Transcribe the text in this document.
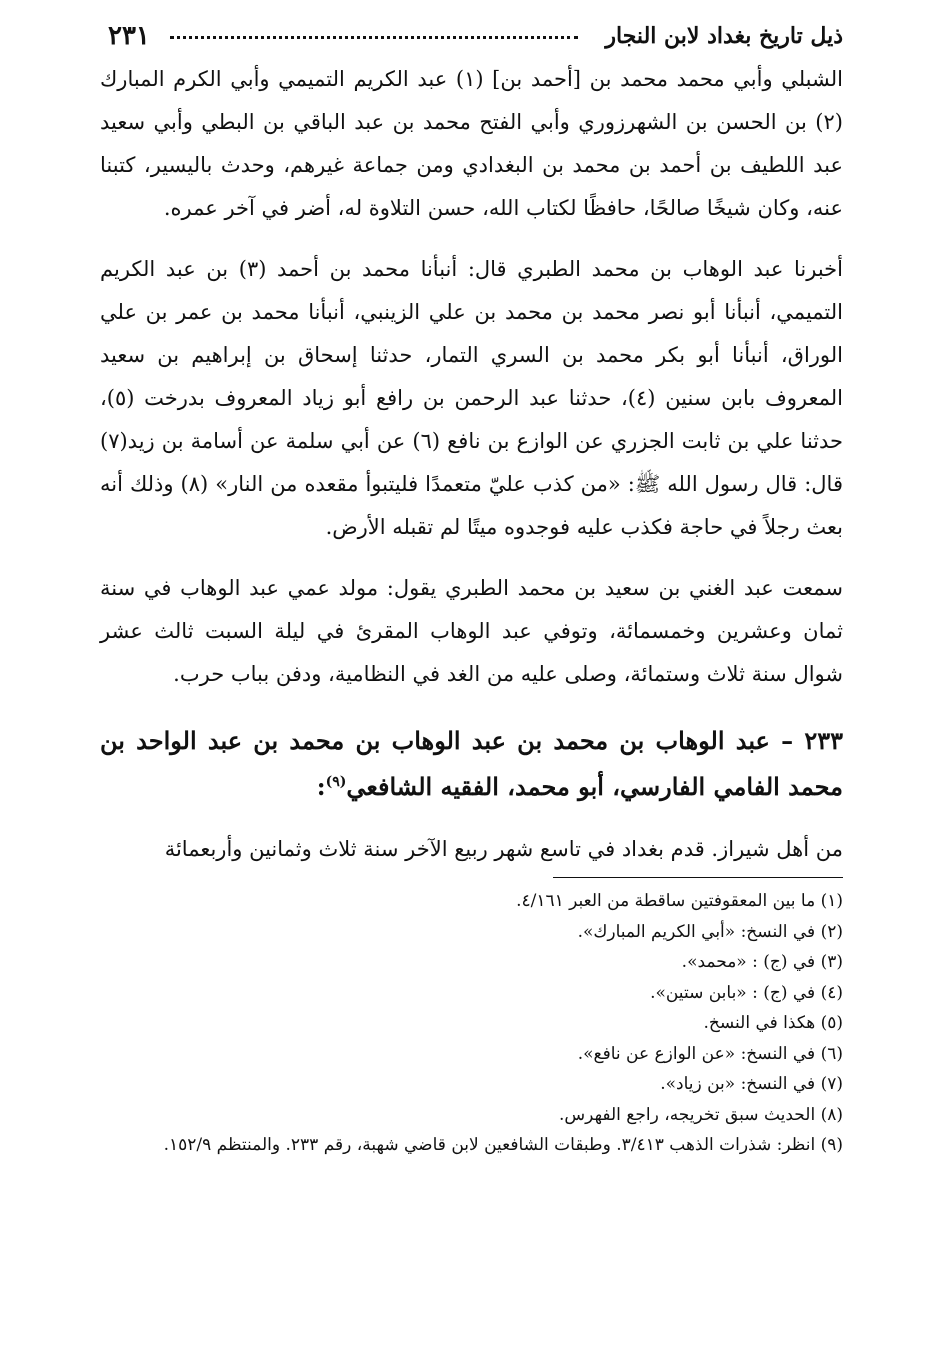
٢٣١	ذيل تاريخ بغداد لابن النجار

الشبلي وأبي محمد محمد بن [أحمد بن] (١) عبد الكريم التميمي وأبي الكرم المبارك (٢) بن الحسن بن الشهرزوري وأبي الفتح محمد بن عبد الباقي بن البطي وأبي سعيد عبد اللطيف بن أحمد بن محمد بن البغدادي ومن جماعة غيرهم، وحدث باليسير، كتبنا عنه، وكان شيخًا صالحًا، حافظًا لكتاب الله، حسن التلاوة له، أضر في آخر عمره.

أخبرنا عبد الوهاب بن محمد الطبري قال: أنبأنا محمد بن أحمد (٣) بن عبد الكريم التميمي، أنبأنا أبو نصر محمد بن محمد بن علي الزينبي، أنبأنا محمد بن عمر بن علي الوراق، أنبأنا أبو بكر محمد بن السري التمار، حدثنا إسحاق بن إبراهيم بن سعيد المعروف بابن سنين (٤)، حدثنا عبد الرحمن بن رافع أبو زياد المعروف بدرخت (٥)، حدثنا علي بن ثابت الجزري عن الوازع بن نافع (٦) عن أبي سلمة عن أسامة بن زيد(٧) قال: قال رسول الله ﷺ: «من كذب عليّ متعمدًا فليتبوأ مقعده من النار» (٨) وذلك أنه بعث رجلاً في حاجة فكذب عليه فوجدوه ميتًا لم تقبله الأرض.

سمعت عبد الغني بن سعيد بن محمد الطبري يقول: مولد عمي عبد الوهاب في سنة ثمان وعشرين وخمسمائة، وتوفي عبد الوهاب المقرئ في ليلة السبت ثالث عشر شوال سنة ثلاث وستمائة، وصلى عليه من الغد في النظامية، ودفن بباب حرب.

٢٣٣ – عبد الوهاب بن محمد بن عبد الوهاب بن محمد بن عبد الواحد بن محمد الفامي الفارسي، أبو محمد، الفقيه الشافعي$^{(٩)}$:

من أهل شيراز. قدم بغداد في تاسع شهر ربيع الآخر سنة ثلاث وثمانين وأربعمائة

(١) ما بين المعقوفتين ساقطة من العبر ٤/١٦١.

(٢) في النسخ: «أبي الكريم المبارك».

(٣) في (ج) : «محمد».

(٤) في (ج) : «بابن ستين».

(٥) هكذا في النسخ.

(٦) في النسخ: «عن الوازع عن نافع».

(٧) في النسخ: «بن زياد».

(٨) الحديث سبق تخريجه، راجع الفهرس.

(٩) انظر: شذرات الذهب ٣/٤١٣. وطبقات الشافعين لابن قاضي شهبة، رقم ٢٣٣. والمنتظم ١٥٢/٩.
